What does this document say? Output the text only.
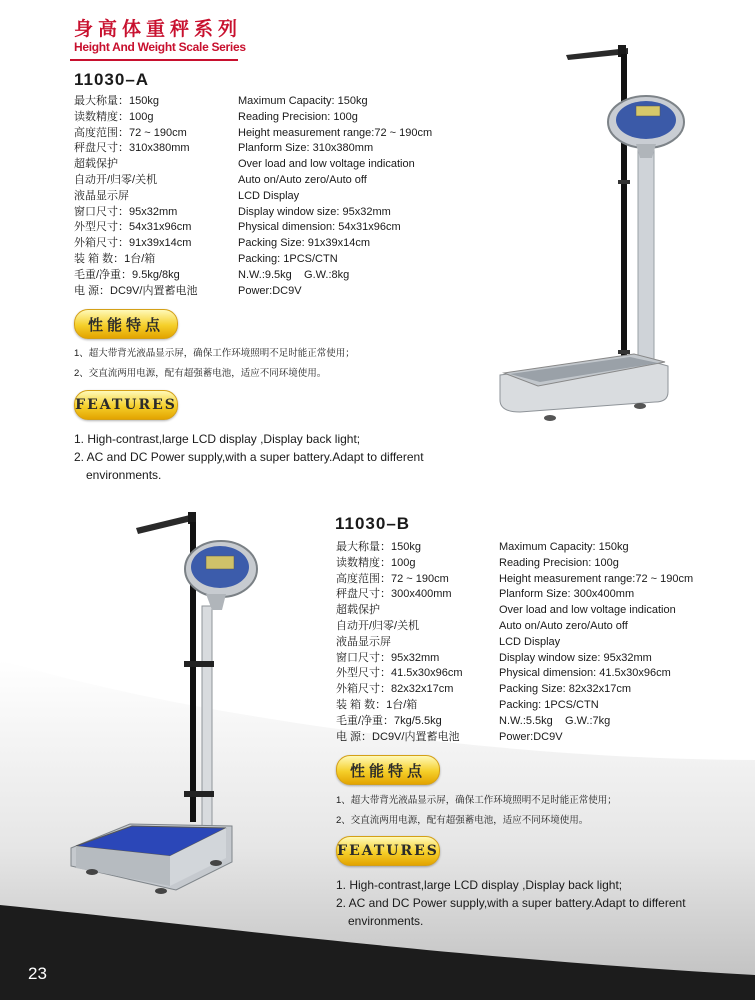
身高体重秤系列
Height And Weight Scale Series
11030–A
最大称量：150kg
读数精度：100g
高度范围：72 ~ 190cm
秤盘尺寸：310x380mm
超载保护
自动开/归零/关机
液晶显示屏
窗口尺寸：95x32mm
外型尺寸：54x31x96cm
外箱尺寸：91x39x14cm
装 箱 数：1台/箱
毛重/净重：9.5kg/8kg
电 源：DC9V/内置蓄电池
Maximum Capacity: 150kg
Reading Precision: 100g
Height measurement range:72 ~ 190cm
Planform Size: 310x380mm
Over load and low voltage indication
Auto on/Auto zero/Auto off
LCD Display
Display window size: 95x32mm
Physical dimension: 54x31x96cm
Packing Size: 91x39x14cm
Packing: 1PCS/CTN
N.W.:9.5kg    G.W.:8kg
Power:DC9V
性能特点
1、超大带背光液晶显示屏，确保工作环境照明不足时能正常使用；
2、交直流两用电源，配有超强蓄电池，适应不同环境使用。
FEATURES
1. High-contrast,large LCD display ,Display back light;
2. AC and DC Power supply,with a super battery.Adapt to different environments.
11030–B
最大称量：150kg
读数精度：100g
高度范围：72 ~ 190cm
秤盘尺寸：300x400mm
超载保护
自动开/归零/关机
液晶显示屏
窗口尺寸：95x32mm
外型尺寸：41.5x30x96cm
外箱尺寸：82x32x17cm
装 箱 数：1台/箱
毛重/净重：7kg/5.5kg
电 源：DC9V/内置蓄电池
Maximum Capacity: 150kg
Reading Precision: 100g
Height measurement range:72 ~ 190cm
Planform Size: 300x400mm
Over load and low voltage indication
Auto on/Auto zero/Auto off
LCD Display
Display window size: 95x32mm
Physical dimension: 41.5x30x96cm
Packing Size: 82x32x17cm
Packing: 1PCS/CTN
N.W.:5.5kg    G.W.:7kg
Power:DC9V
性能特点
1、超大带背光液晶显示屏，确保工作环境照明不足时能正常使用；
2、交直流两用电源，配有超强蓄电池，适应不同环境使用。
FEATURES
1. High-contrast,large LCD display ,Display back light;
2. AC and DC Power supply,with a super battery.Adapt to different environments.
23
